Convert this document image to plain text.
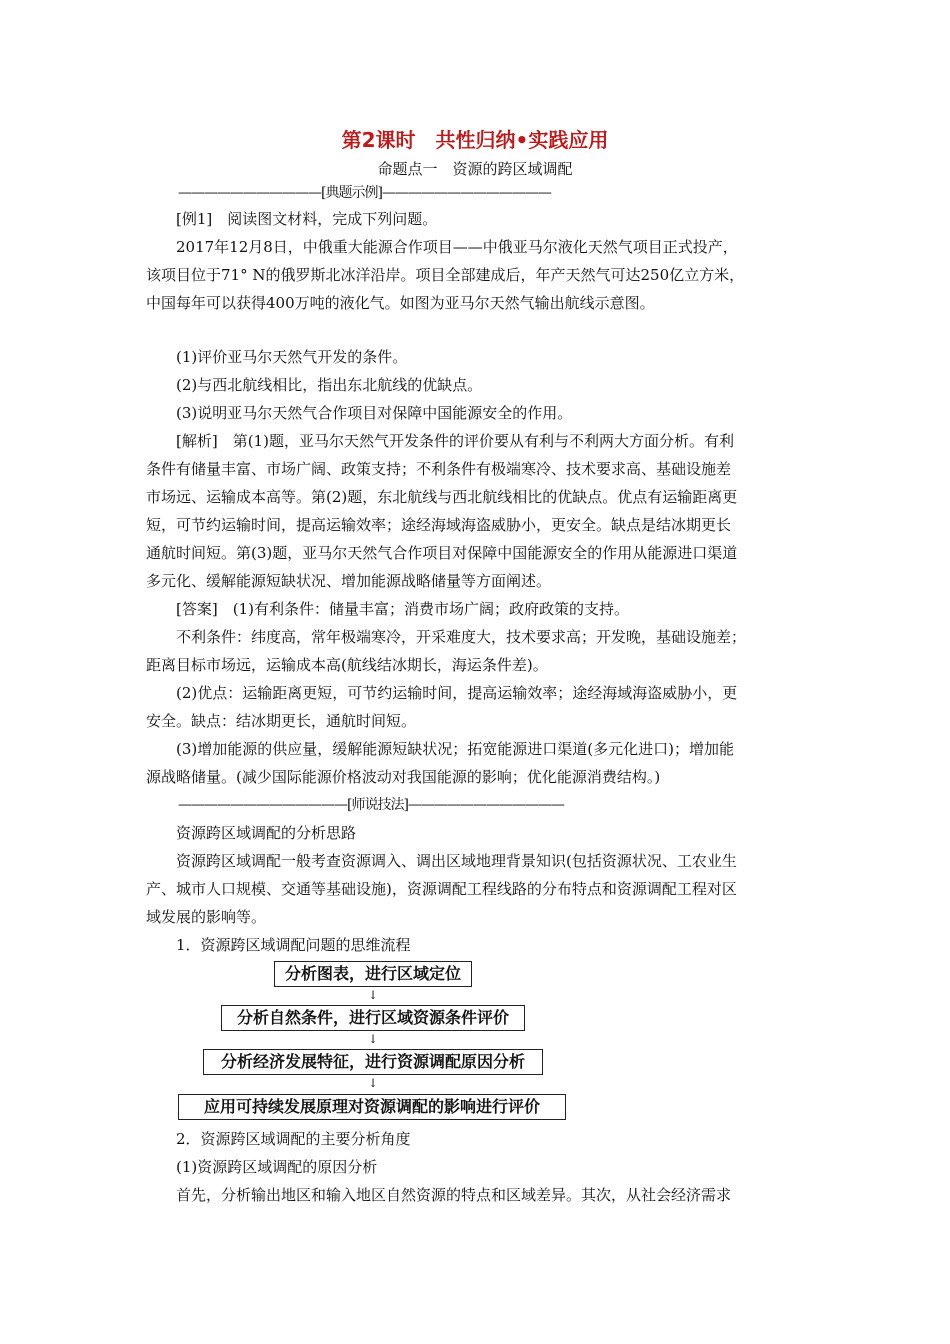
第2课时　共性归纳•实践应用
命题点一　资源的跨区域调配
———————————[典题示例]—————————————
[例1]　阅读图文材料，完成下列问题。
2017年12月8日，中俄重大能源合作项目——中俄亚马尔液化天然气项目正式投产，
该项目位于71° N的俄罗斯北冰洋沿岸。项目全部建成后，年产天然气可达250亿立方米，
中国每年可以获得400万吨的液化气。如图为亚马尔天然气输出航线示意图。
(1)评价亚马尔天然气开发的条件。
(2)与西北航线相比，指出东北航线的优缺点。
(3)说明亚马尔天然气合作项目对保障中国能源安全的作用。
[解析]　第(1)题，亚马尔天然气开发条件的评价要从有利与不利两大方面分析。有利
条件有储量丰富、市场广阔、政策支持；不利条件有极端寒冷、技术要求高、基础设施差
市场远、运输成本高等。第(2)题，东北航线与西北航线相比的优缺点。优点有运输距离更
短，可节约运输时间，提高运输效率；途经海域海盗威胁小，更安全。缺点是结冰期更长
通航时间短。第(3)题，亚马尔天然气合作项目对保障中国能源安全的作用从能源进口渠道
多元化、缓解能源短缺状况、增加能源战略储量等方面阐述。
[答案]　(1)有利条件：储量丰富；消费市场广阔；政府政策的支持。
不利条件：纬度高，常年极端寒冷，开采难度大，技术要求高；开发晚，基础设施差；
距离目标市场远，运输成本高(航线结冰期长，海运条件差)。
(2)优点：运输距离更短，可节约运输时间，提高运输效率；途经海域海盗威胁小，更
安全。缺点：结冰期更长，通航时间短。
(3)增加能源的供应量，缓解能源短缺状况；拓宽能源进口渠道(多元化进口)；增加能
源战略储量。(减少国际能源价格波动对我国能源的影响；优化能源消费结构。)
—————————————[师说技法]————————————
资源跨区域调配的分析思路
资源跨区域调配一般考查资源调入、调出区域地理背景知识(包括资源状况、工农业生
产、城市人口规模、交通等基础设施)，资源调配工程线路的分布特点和资源调配工程对区
域发展的影响等。
1．资源跨区域调配问题的思维流程
分析图表，进行区域定位
↓
分析自然条件，进行区域资源条件评价
↓
分析经济发展特征，进行资源调配原因分析
↓
应用可持续发展原理对资源调配的影响进行评价
2．资源跨区域调配的主要分析角度
(1)资源跨区域调配的原因分析
首先，分析输出地区和输入地区自然资源的特点和区域差异。其次，从社会经济需求
